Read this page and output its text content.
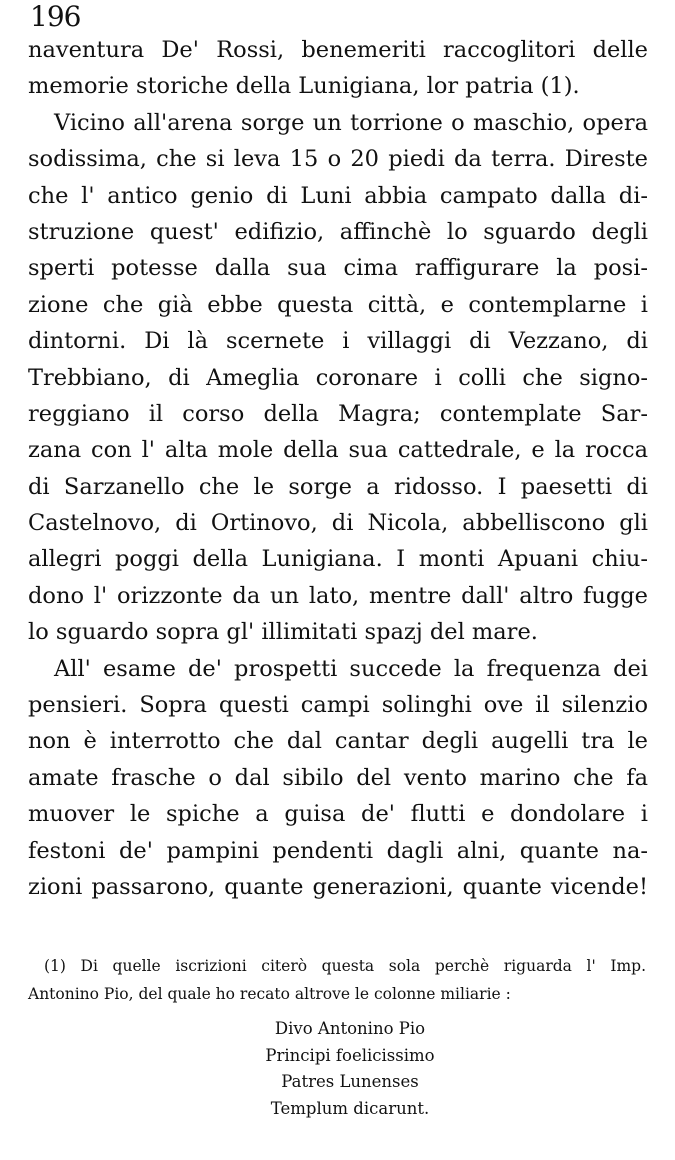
196
naventura De' Rossi, benemeriti raccoglitori delle
memorie storiche della Lunigiana, lor patria (1).
Vicino all'arena sorge un torrione o maschio, opera
sodissima, che si leva 15 o 20 piedi da terra. Direste
che l' antico genio di Luni abbia campato dalla di-
struzione quest' edifizio, affinchè lo sguardo degli
sperti potesse dalla sua cima raffigurare la posi-
zione che già ebbe questa città, e contemplarne i
dintorni. Di là scernete i villaggi di Vezzano, di
Trebbiano, di Ameglia coronare i colli che signo-
reggiano il corso della Magra; contemplate Sar-
zana con l' alta mole della sua cattedrale, e la rocca
di Sarzanello che le sorge a ridosso. I paesetti di
Castelnovo, di Ortinovo, di Nicola, abbelliscono gli
allegri poggi della Lunigiana. I monti Apuani chiu-
dono l' orizzonte da un lato, mentre dall' altro fugge
lo sguardo sopra gl' illimitati spazj del mare.
All' esame de' prospetti succede la frequenza dei
pensieri. Sopra questi campi solinghi ove il silenzio
non è interrotto che dal cantar degli augelli tra le
amate frasche o dal sibilo del vento marino che fa
muover le spiche a guisa de' flutti e dondolare i
festoni de' pampini pendenti dagli alni, quante na-
zioni passarono, quante generazioni, quante vicende!
(1) Di quelle iscrizioni citerò questa sola perchè riguarda l' Imp.
Antonino Pio, del quale ho recato altrove le colonne miliarie :
Divo Antonino Pio
Principi foelicissimo
Patres Lunenses
Templum dicarunt.
